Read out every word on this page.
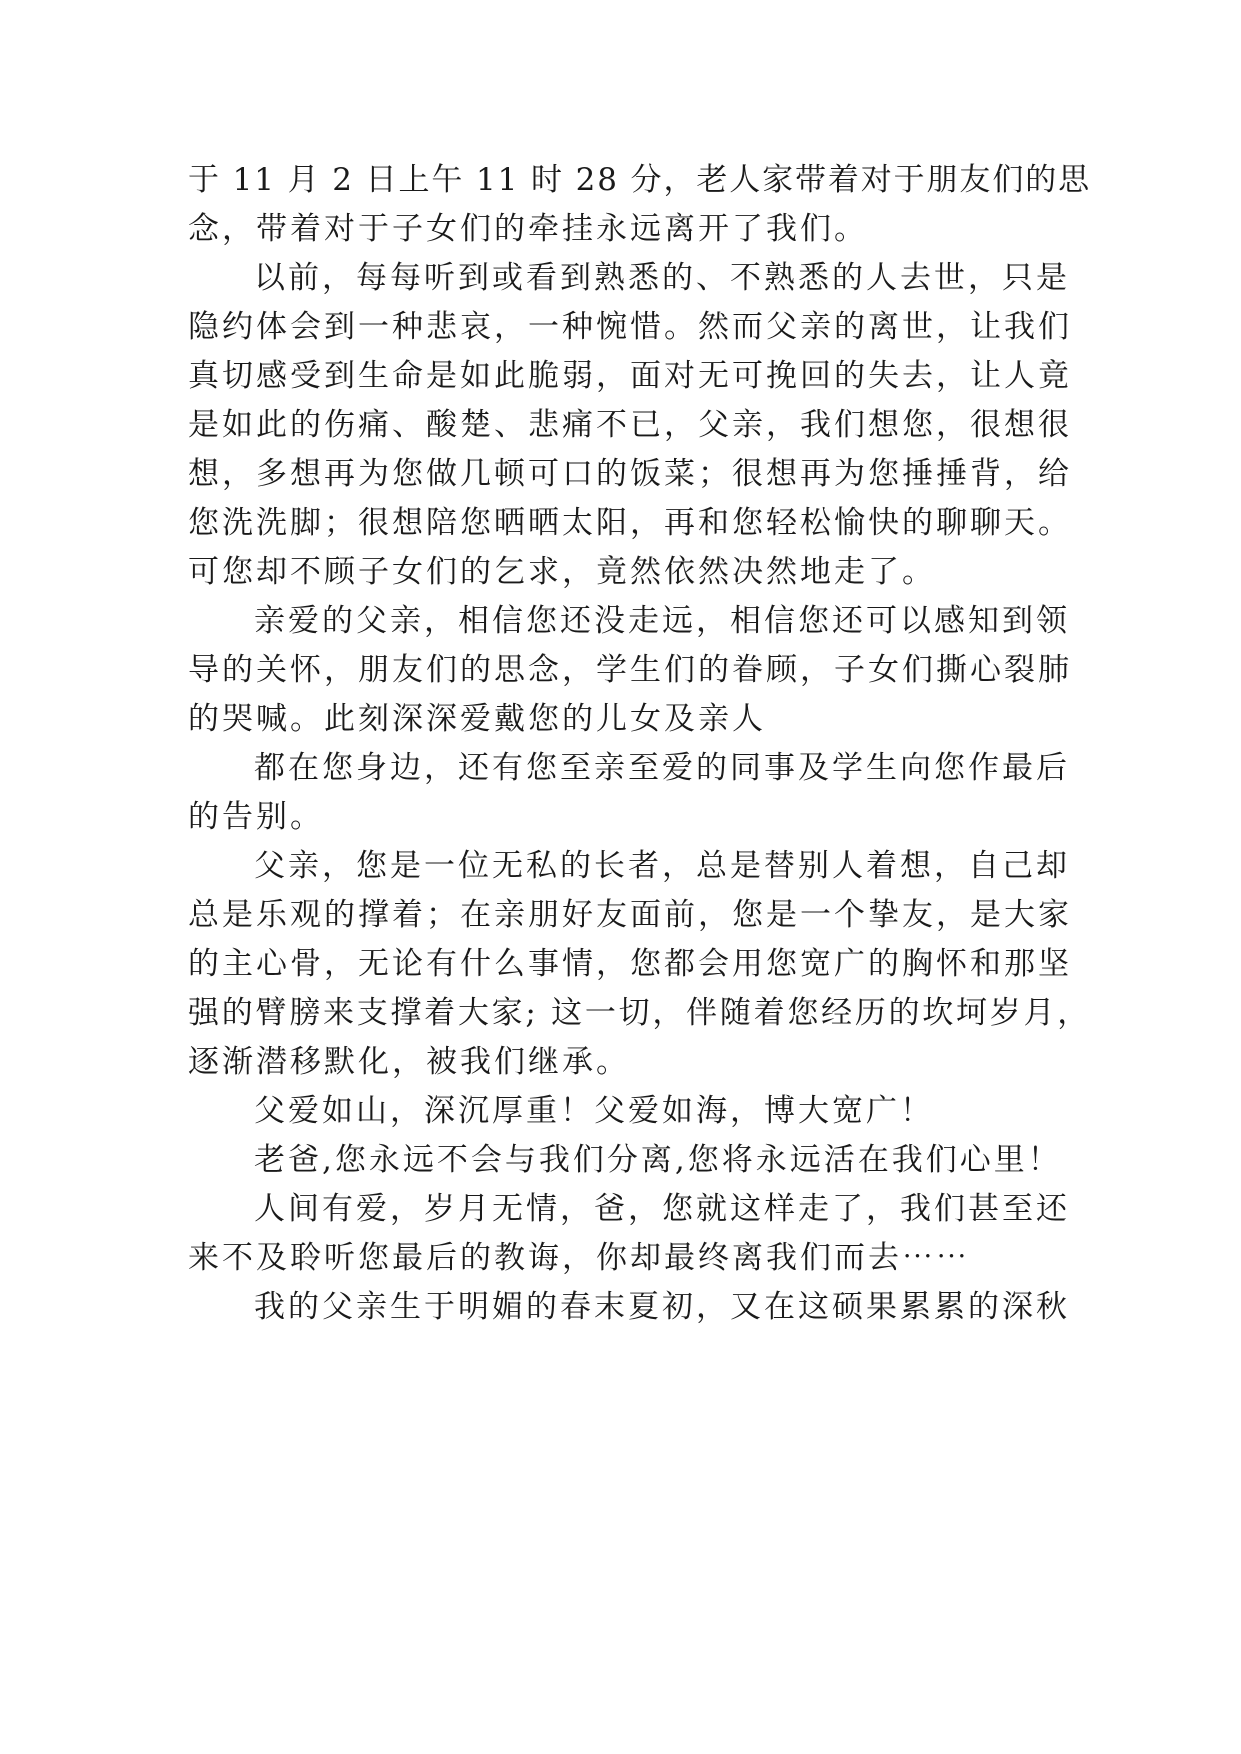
于 11 月 2 日上午 11 时 28 分，老人家带着对于朋友们的思
念，带着对于子女们的牵挂永远离开了我们。
以前，每每听到或看到熟悉的、不熟悉的人去世，只是
隐约体会到一种悲哀，一种惋惜。然而父亲的离世，让我们
真切感受到生命是如此脆弱，面对无可挽回的失去，让人竟
是如此的伤痛、酸楚、悲痛不已，父亲，我们想您，很想很
想，多想再为您做几顿可口的饭菜；很想再为您捶捶背，给
您洗洗脚；很想陪您晒晒太阳，再和您轻松愉快的聊聊天。
可您却不顾子女们的乞求，竟然依然决然地走了。
亲爱的父亲，相信您还没走远，相信您还可以感知到领
导的关怀，朋友们的思念，学生们的眷顾，子女们撕心裂肺
的哭喊。此刻深深爱戴您的儿女及亲人
都在您身边，还有您至亲至爱的同事及学生向您作最后
的告别。
父亲，您是一位无私的长者，总是替别人着想，自己却
总是乐观的撑着；在亲朋好友面前，您是一个挚友，是大家
的主心骨，无论有什么事情，您都会用您宽广的胸怀和那坚
强的臂膀来支撑着大家; 这一切，伴随着您经历的坎坷岁月，
逐渐潜移默化，被我们继承。
父爱如山，深沉厚重！父爱如海，博大宽广！
老爸,您永远不会与我们分离,您将永远活在我们心里！
人间有爱，岁月无情，爸，您就这样走了，我们甚至还
来不及聆听您最后的教诲，你却最终离我们而去⋯⋯
我的父亲生于明媚的春末夏初，又在这硕果累累的深秋
